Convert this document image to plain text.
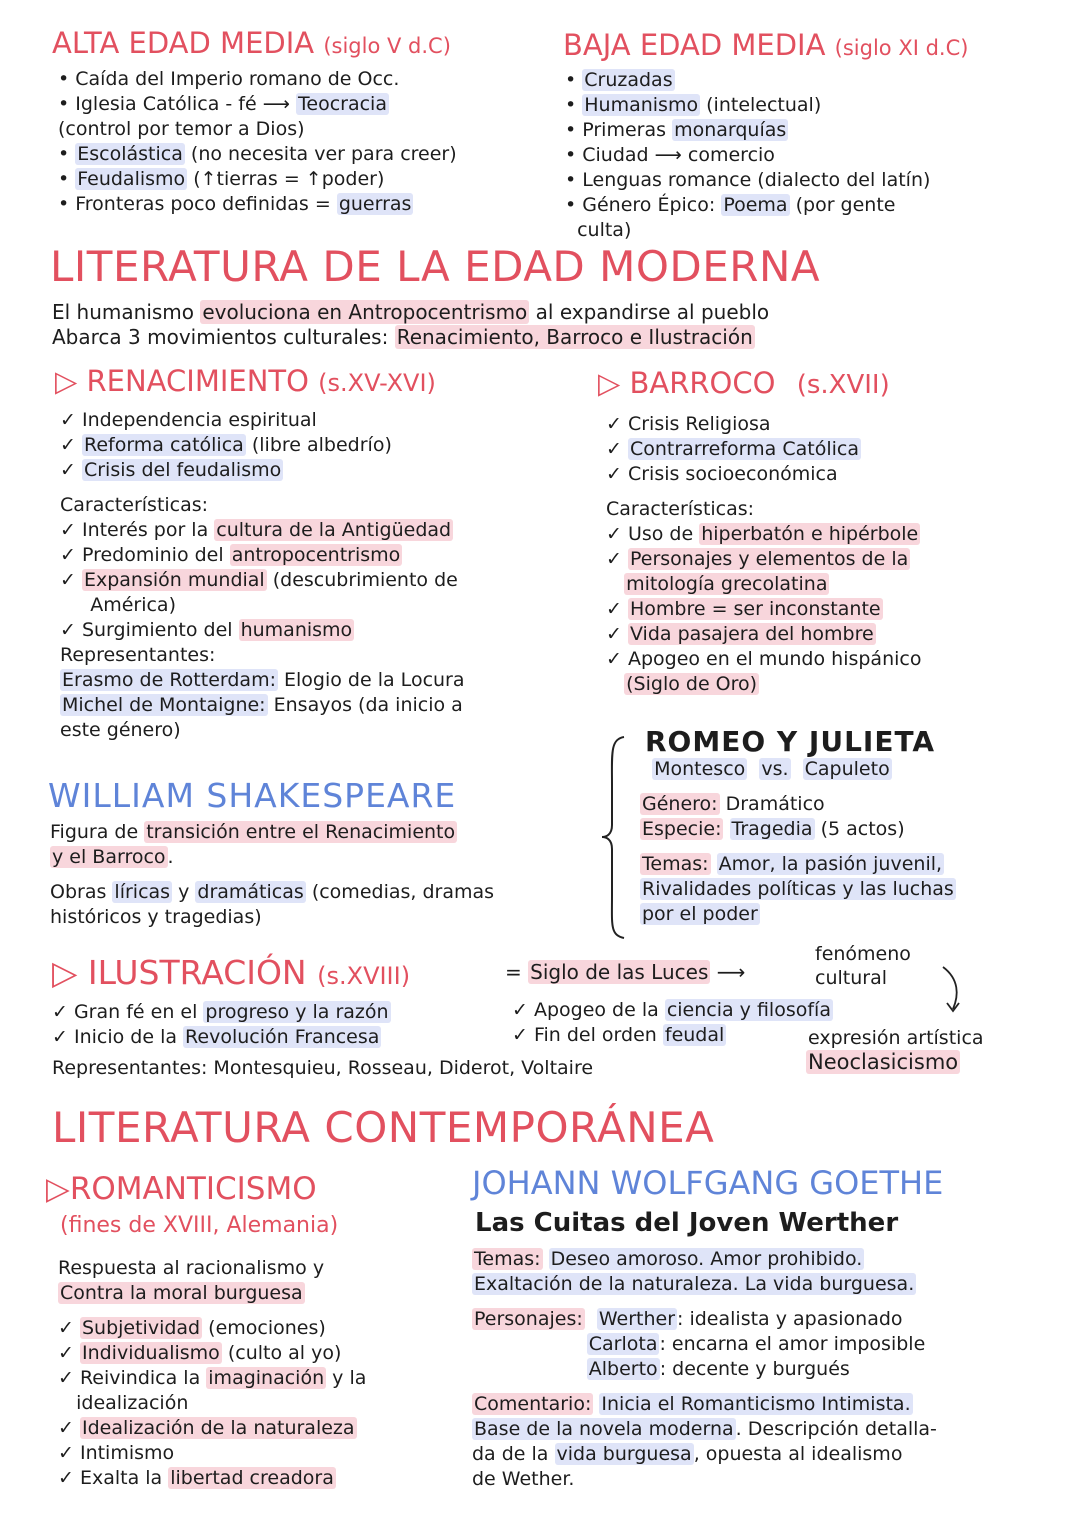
ALTA EDAD MEDIA (siglo V d.C)
• Caída del Imperio romano de Occ.
• Iglesia Católica - fé ⟶ Teocracia
(control por temor a Dios)
• Escolástica (no necesita ver para creer)
• Feudalismo (↑tierras = ↑poder)
• Fronteras poco definidas = guerras
BAJA EDAD MEDIA (siglo XI d.C)
• Cruzadas
• Humanismo (intelectual)
• Primeras monarquías
• Ciudad ⟶ comercio
• Lenguas romance (dialecto del latín)
• Género Épico: Poema (por gente
culta)
LITERATURA DE LA EDAD MODERNA
El humanismo evoluciona en Antropocentrismo al expandirse al pueblo
Abarca 3 movimientos culturales: Renacimiento, Barroco e Ilustración
▷ RENACIMIENTO (s.XV-XVI)
✓ Independencia espiritual
✓ Reforma católica (libre albedrío)
✓ Crisis del feudalismo
Características:
✓ Interés por la cultura de la Antigüedad
✓ Predominio del antropocentrismo
✓ Expansión mundial (descubrimiento de
América)
✓ Surgimiento del humanismo
Representantes:
Erasmo de Rotterdam: Elogio de la Locura
Michel de Montaigne: Ensayos (da inicio a
este género)
▷ BARROCO (s.XVII)
✓ Crisis Religiosa
✓ Contrarreforma Católica
✓ Crisis socioeconómica
Características:
✓ Uso de hiperbatón e hipérbole
✓ Personajes y elementos de la
mitología grecolatina
✓ Hombre = ser inconstante
✓ Vida pasajera del hombre
✓ Apogeo en el mundo hispánico
(Siglo de Oro)
ROMEO Y JULIETA
Montesco vs. Capuleto
Género: Dramático
Especie: Tragedia (5 actos)
Temas: Amor, la pasión juvenil,
Rivalidades políticas y las luchas
por el poder
WILLIAM SHAKESPEARE
Figura de transición entre el Renacimiento
y el Barroco .
Obras líricas y dramáticas (comedias, dramas
históricos y tragedias)
▷ ILUSTRACIÓN (s.XVIII)	= Siglo de las Luces ⟶
fenómeno
cultural
expresión artística
Neoclasicismo
✓ Gran fé en el progreso y la razón
✓ Inicio de la Revolución Francesa
✓ Apogeo de la ciencia y filosofía
✓ Fin del orden feudal
Representantes: Montesquieu, Rosseau, Diderot, Voltaire
LITERATURA CONTEMPORÁNEA
▷ROMANTICISMO
(fines de XVIII, Alemania)
Respuesta al racionalismo y
Contra la moral burguesa
✓ Subjetividad (emociones)
✓ Individualismo (culto al yo)
✓ Reivindica la imaginación y la
idealización
✓ Idealización de la naturaleza
✓ Intimismo
✓ Exalta la libertad creadora
JOHANN WOLFGANG GOETHE
Las Cuitas del Joven Werther
Temas: Deseo amoroso. Amor prohibido.
Exaltación de la naturaleza. La vida burguesa.
Personajes: Werther : idealista y apasionado
Carlota : encarna el amor imposible
Alberto : decente y burgués
Comentario: Inicia el Romanticismo Intimista.
Base de la novela moderna . Descripción detalla-
da de la vida burguesa , opuesta al idealismo
de Wether.
